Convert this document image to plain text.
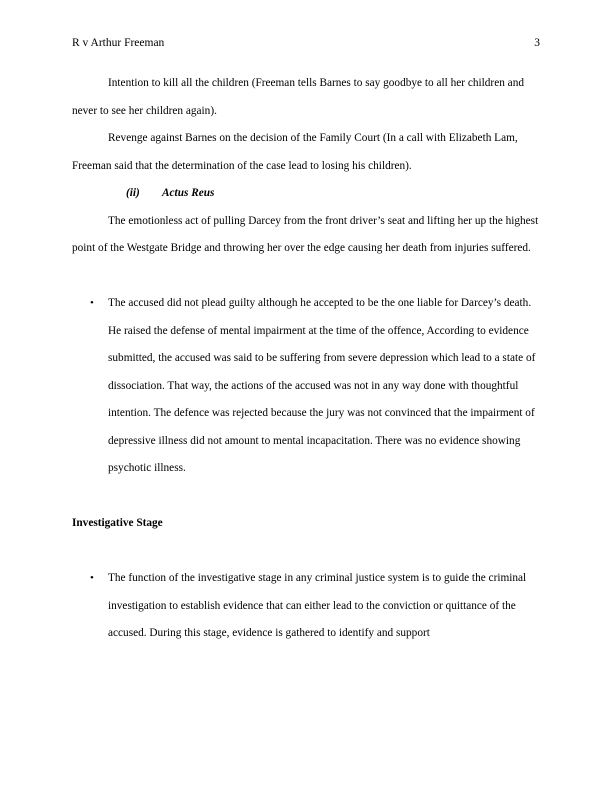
R v Arthur Freeman	3

Intention to kill all the children (Freeman tells Barnes to say goodbye to all her children and never to see her children again).

Revenge against Barnes on the decision of the Family Court (In a call with Elizabeth Lam, Freeman said that the determination of the case lead to losing his children).

(ii) Actus Reus

The emotionless act of pulling Darcey from the front driver’s seat and lifting her up the highest point of the Westgate Bridge and throwing her over the edge causing her death from injuries suffered.

• The accused did not plead guilty although he accepted to be the one liable for Darcey’s death. He raised the defense of mental impairment at the time of the offence, According to evidence submitted, the accused was said to be suffering from severe depression which lead to a state of dissociation. That way, the actions of the accused was not in any way done with thoughtful intention. The defence was rejected because the jury was not convinced that the impairment of depressive illness did not amount to mental incapacitation. There was no evidence showing psychotic illness.

Investigative Stage

• The function of the investigative stage in any criminal justice system is to guide the criminal investigation to establish evidence that can either lead to the conviction or quittance of the accused. During this stage, evidence is gathered to identify and support
